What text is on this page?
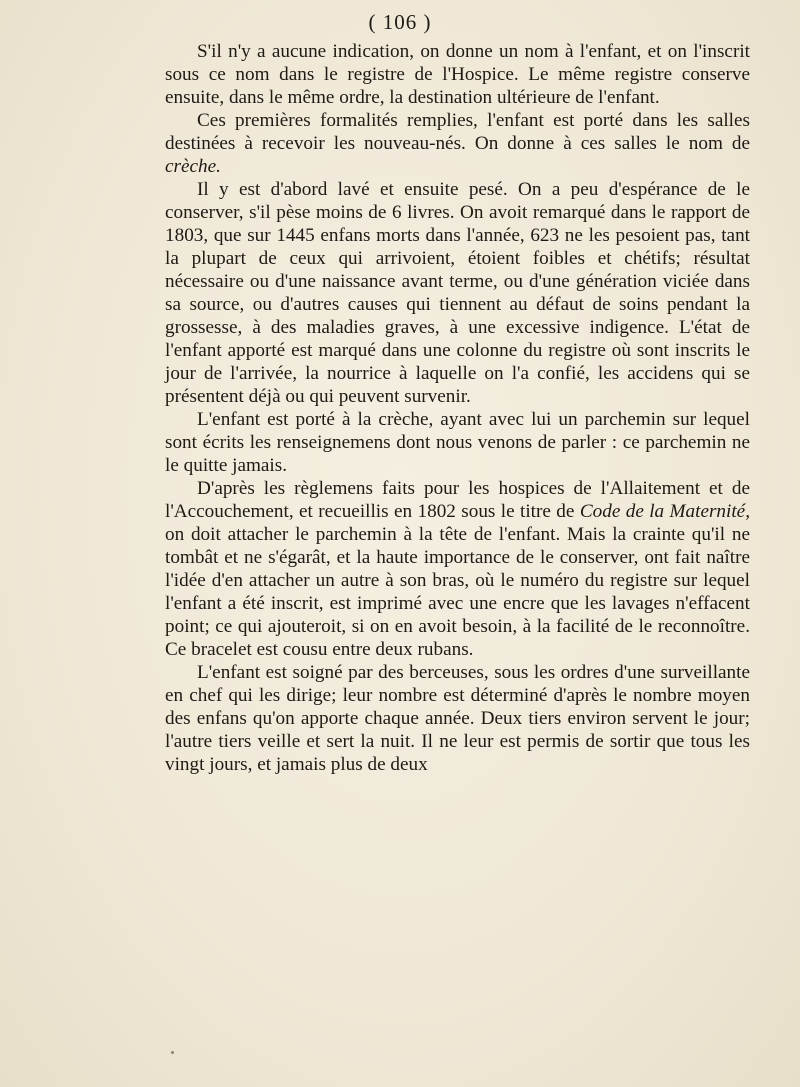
( 106 )

S'il n'y a aucune indication, on donne un nom à l'enfant, et on l'inscrit sous ce nom dans le registre de l'Hospice. Le même registre conserve ensuite, dans le même ordre, la destination ultérieure de l'enfant.

Ces premières formalités remplies, l'enfant est porté dans les salles destinées à recevoir les nouveau-nés. On donne à ces salles le nom de crèche.

Il y est d'abord lavé et ensuite pesé. On a peu d'espérance de le conserver, s'il pèse moins de 6 livres. On avoit remarqué dans le rapport de 1803, que sur 1445 enfans morts dans l'année, 623 ne les pesoient pas, tant la plupart de ceux qui arrivoient, étoient foibles et chétifs; résultat nécessaire ou d'une naissance avant terme, ou d'une génération viciée dans sa source, ou d'autres causes qui tiennent au défaut de soins pendant la grossesse, à des maladies graves, à une excessive indigence. L'état de l'enfant apporté est marqué dans une colonne du registre où sont inscrits le jour de l'arrivée, la nourrice à laquelle on l'a confié, les accidens qui se présentent déjà ou qui peuvent survenir.

L'enfant est porté à la crèche, ayant avec lui un parchemin sur lequel sont écrits les renseignemens dont nous venons de parler : ce parchemin ne le quitte jamais.

D'après les règlemens faits pour les hospices de l'Allaitement et de l'Accouchement, et recueillis en 1802 sous le titre de Code de la Maternité, on doit attacher le parchemin à la tête de l'enfant. Mais la crainte qu'il ne tombât et ne s'égarât, et la haute importance de le conserver, ont fait naître l'idée d'en attacher un autre à son bras, où le numéro du registre sur lequel l'enfant a été inscrit, est imprimé avec une encre que les lavages n'effacent point; ce qui ajouteroit, si on en avoit besoin, à la facilité de le reconnoître. Ce bracelet est cousu entre deux rubans.

L'enfant est soigné par des berceuses, sous les ordres d'une surveillante en chef qui les dirige; leur nombre est déterminé d'après le nombre moyen des enfans qu'on apporte chaque année. Deux tiers environ servent le jour; l'autre tiers veille et sert la nuit. Il ne leur est permis de sortir que tous les vingt jours, et jamais plus de deux
